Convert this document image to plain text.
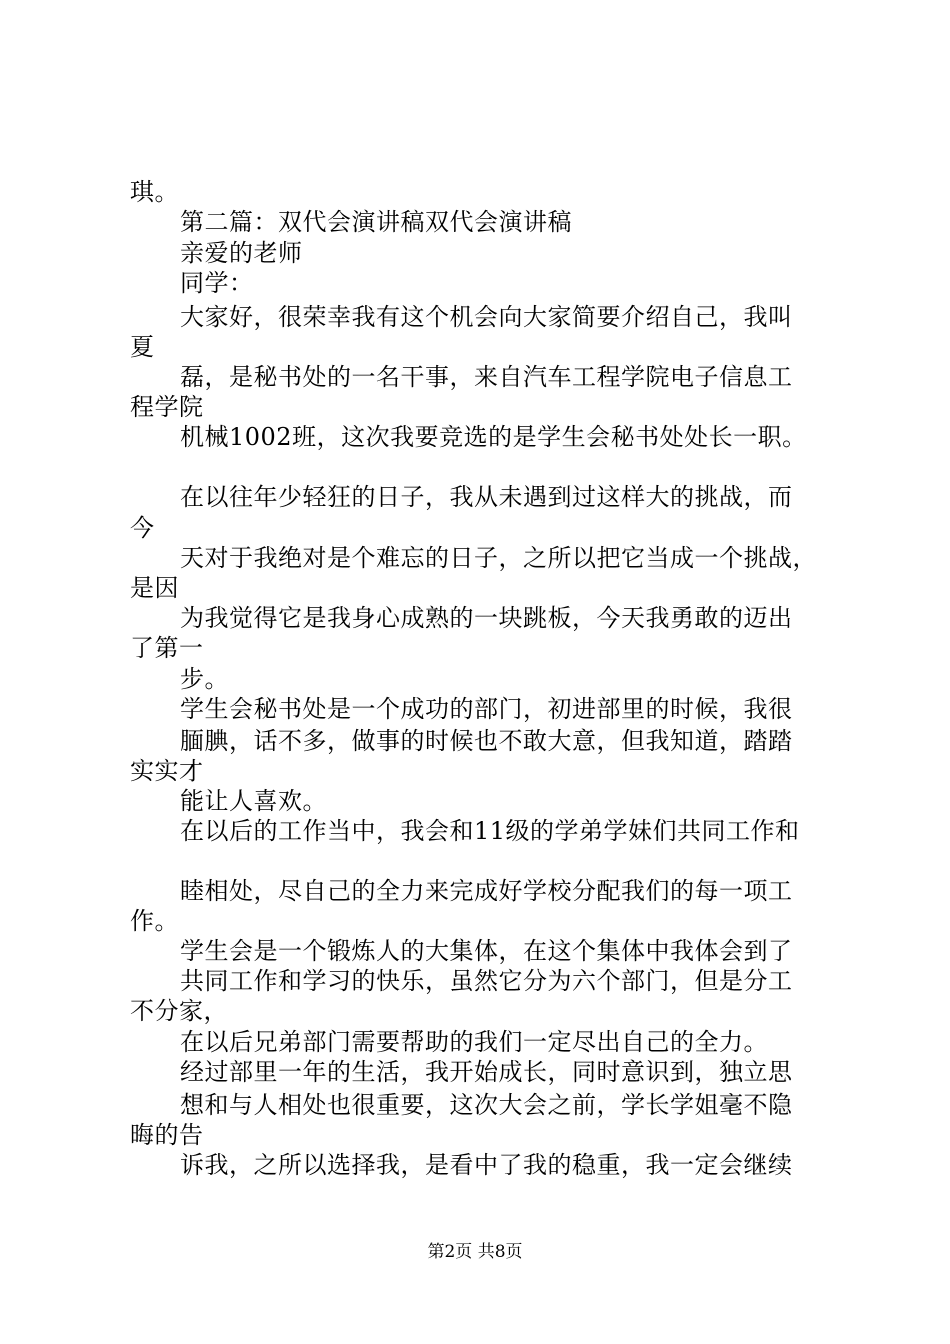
琪。
第二篇：双代会演讲稿双代会演讲稿
亲爱的老师
同学：
大家好，很荣幸我有这个机会向大家简要介绍自己，我叫
夏
磊，是秘书处的一名干事，来自汽车工程学院电子信息工
程学院
机械1002班，这次我要竞选的是学生会秘书处处长一职。
在以往年少轻狂的日子，我从未遇到过这样大的挑战，而
今
天对于我绝对是个难忘的日子，之所以把它当成一个挑战，
是因
为我觉得它是我身心成熟的一块跳板，今天我勇敢的迈出
了第一
步。
学生会秘书处是一个成功的部门，初进部里的时候，我很
腼腆，话不多，做事的时候也不敢大意，但我知道，踏踏
实实才
能让人喜欢。
在以后的工作当中，我会和11级的学弟学妹们共同工作和
睦相处，尽自己的全力来完成好学校分配我们的每一项工
作。
学生会是一个锻炼人的大集体，在这个集体中我体会到了
共同工作和学习的快乐，虽然它分为六个部门，但是分工
不分家，
在以后兄弟部门需要帮助的我们一定尽出自己的全力。
经过部里一年的生活，我开始成长，同时意识到，独立思
想和与人相处也很重要，这次大会之前，学长学姐毫不隐
晦的告
诉我，之所以选择我，是看中了我的稳重，我一定会继续
第2页 共8页
